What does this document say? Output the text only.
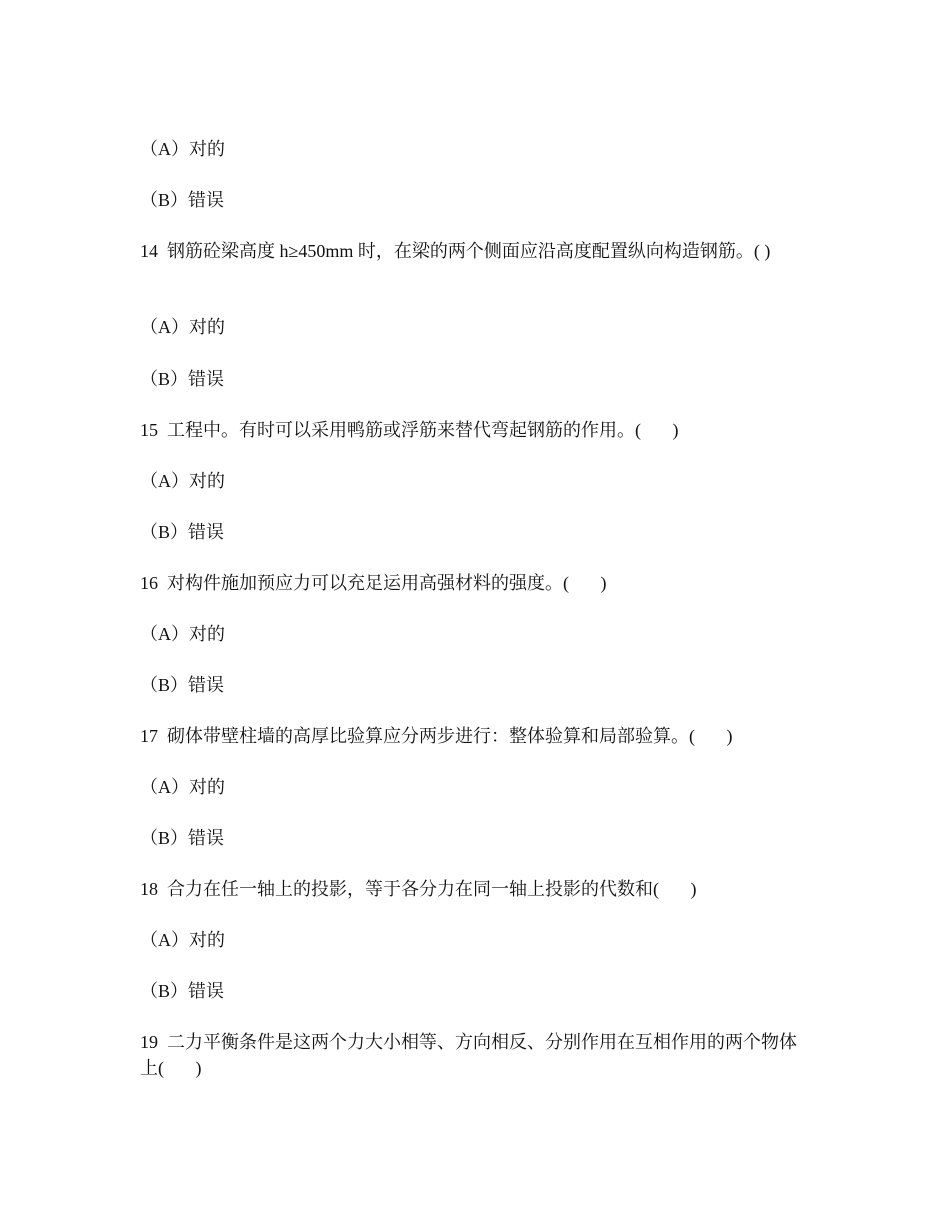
（A）对的
（B）错误
14  钢筋砼梁高度 h≥450mm 时，在梁的两个侧面应沿高度配置纵向构造钢筋。( )
（A）对的
（B）错误
15  工程中。有时可以采用鸭筋或浮筋来替代弯起钢筋的作用。(       )
（A）对的
（B）错误
16  对构件施加预应力可以充足运用高强材料的强度。(       )
（A）对的
（B）错误
17  砌体带壁柱墙的高厚比验算应分两步进行：整体验算和局部验算。(       )
（A）对的
（B）错误
18  合力在任一轴上的投影，等于各分力在同一轴上投影的代数和(       )
（A）对的
（B）错误
19  二力平衡条件是这两个力大小相等、方向相反、分别作用在互相作用的两个物体上(       )
